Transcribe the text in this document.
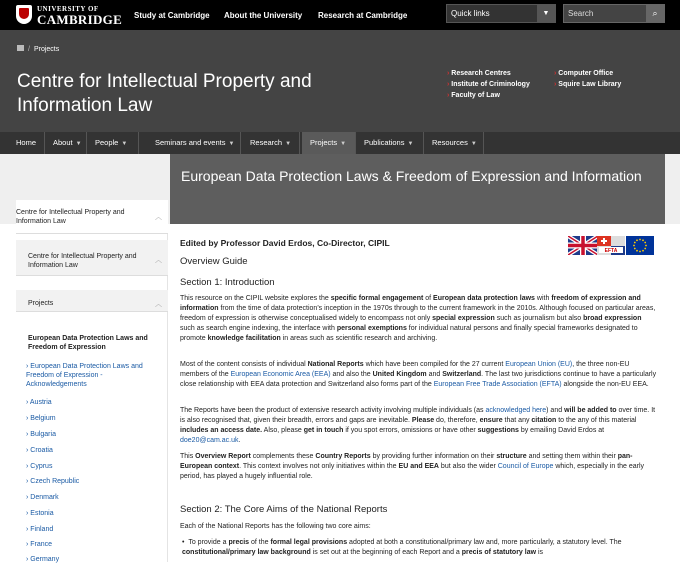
UNIVERSITY OF
CAMBRIDGE Study at Cambridge About the University Research at Cambridge	Quick links	▼	Search	⌕
/ Projects
Centre for Intellectual Property and Information Law
› Research Centres
› Institute of Criminology
› Faculty of Law
› Computer Office
› Squire Law Library
Home	About ▼	People ▼	Seminars and events ▼	Research ▼	Projects ▼	Publications ▼	Resources ▼
European Data Protection Laws & Freedom of Expression and Information
Centre for Intellectual Property and Information Law
︿
Centre for Intellectual Property and Information Law
︿
Projects	︿
European Data Protection Laws and Freedom of Expression
› European Data Protection Laws and Freedom of Expression - Acknowledgements
› Austria
› Belgium
› Bulgaria
› Croatia
› Cyprus
› Czech Republic
› Denmark
› Estonia
› Finland
› France
› Germany
EFTA
Edited by Professor David Erdos, Co-Director, CIPIL
Overview Guide
Section 1: Introduction
This resource on the CIPIL website explores the specific formal engagement of European data protection laws with freedom of expression and information from the time of data protection's inception in the 1970s through to the current framework in the 2010s. Although focused on particular areas, freedom of expression is otherwise conceptualised widely to encompass not only special expression such as journalism but also broad expression such as search engine indexing, the interface with personal exemptions for individual natural persons and finally special frameworks designated to promote knowledge facilitation in areas such as scientific research and archiving.
Most of the content consists of individual National Reports which have been compiled for the 27 current European Union (EU), the three non-EU members of the European Economic Area (EEA) and also the United Kingdom and Switzerland. The last two jurisdictions continue to have a particularly close relationship with EEA data protection and Switzerland also forms part of the European Free Trade Association (EFTA) alongside the non-EU EEA.
The Reports have been the product of extensive research activity involving multiple individuals (as acknowledged here) and will be added to over time. It is also recognised that, given their breadth, errors and gaps are inevitable. Please do, therefore, ensure that any citation to the any of this material includes an access date. Also, please get in touch if you spot errors, omissions or have other suggestions by emailing David Erdos at doe20@cam.ac.uk.
This Overview Report complements these Country Reports by providing further information on their structure and setting them within their pan-European context. This context involves not only initiatives within the EU and EEA but also the wider Council of Europe which, especially in the early period, has played a hugely influential role.
Section 2: The Core Aims of the National Reports
Each of the National Reports has the following two core aims:
•  To provide a precis of the formal legal provisions adopted at both a constitutional/primary law and, more particularly, a statutory level. The constitutional/primary law background is set out at the beginning of each Report and a precis of statutory law is
